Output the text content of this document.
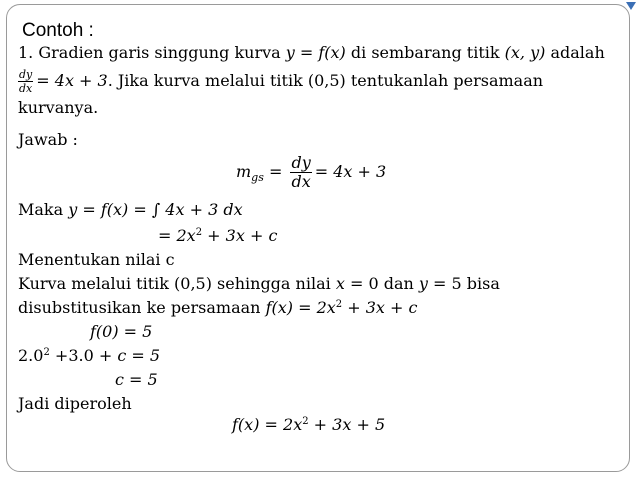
Contoh :
1. Gradien garis singgung kurva y = f(x) di sembarang titik (x, y) adalah
$\frac{dy}{dx} = 4x + 3$. Jika kurva melalui titik (0,5) tentukanlah persamaan
kurvanya.
Jawab :
$m_{gs} = \frac{dy}{dx} = 4x + 3$
Maka y = f(x) = ∫ 4x + 3 dx
= $2x^2 + 3x + c$
Menentukan nilai c
Kurva melalui titik (0,5) sehingga nilai x = 0 dan y = 5 bisa
disubstitusikan ke persamaan $f(x) = 2x^2 + 3x + c$
f(0) = 5
$2.0^2 +3.0 + c = 5$
c = 5
Jadi diperoleh
$f(x) = 2x^2 + 3x + 5$
